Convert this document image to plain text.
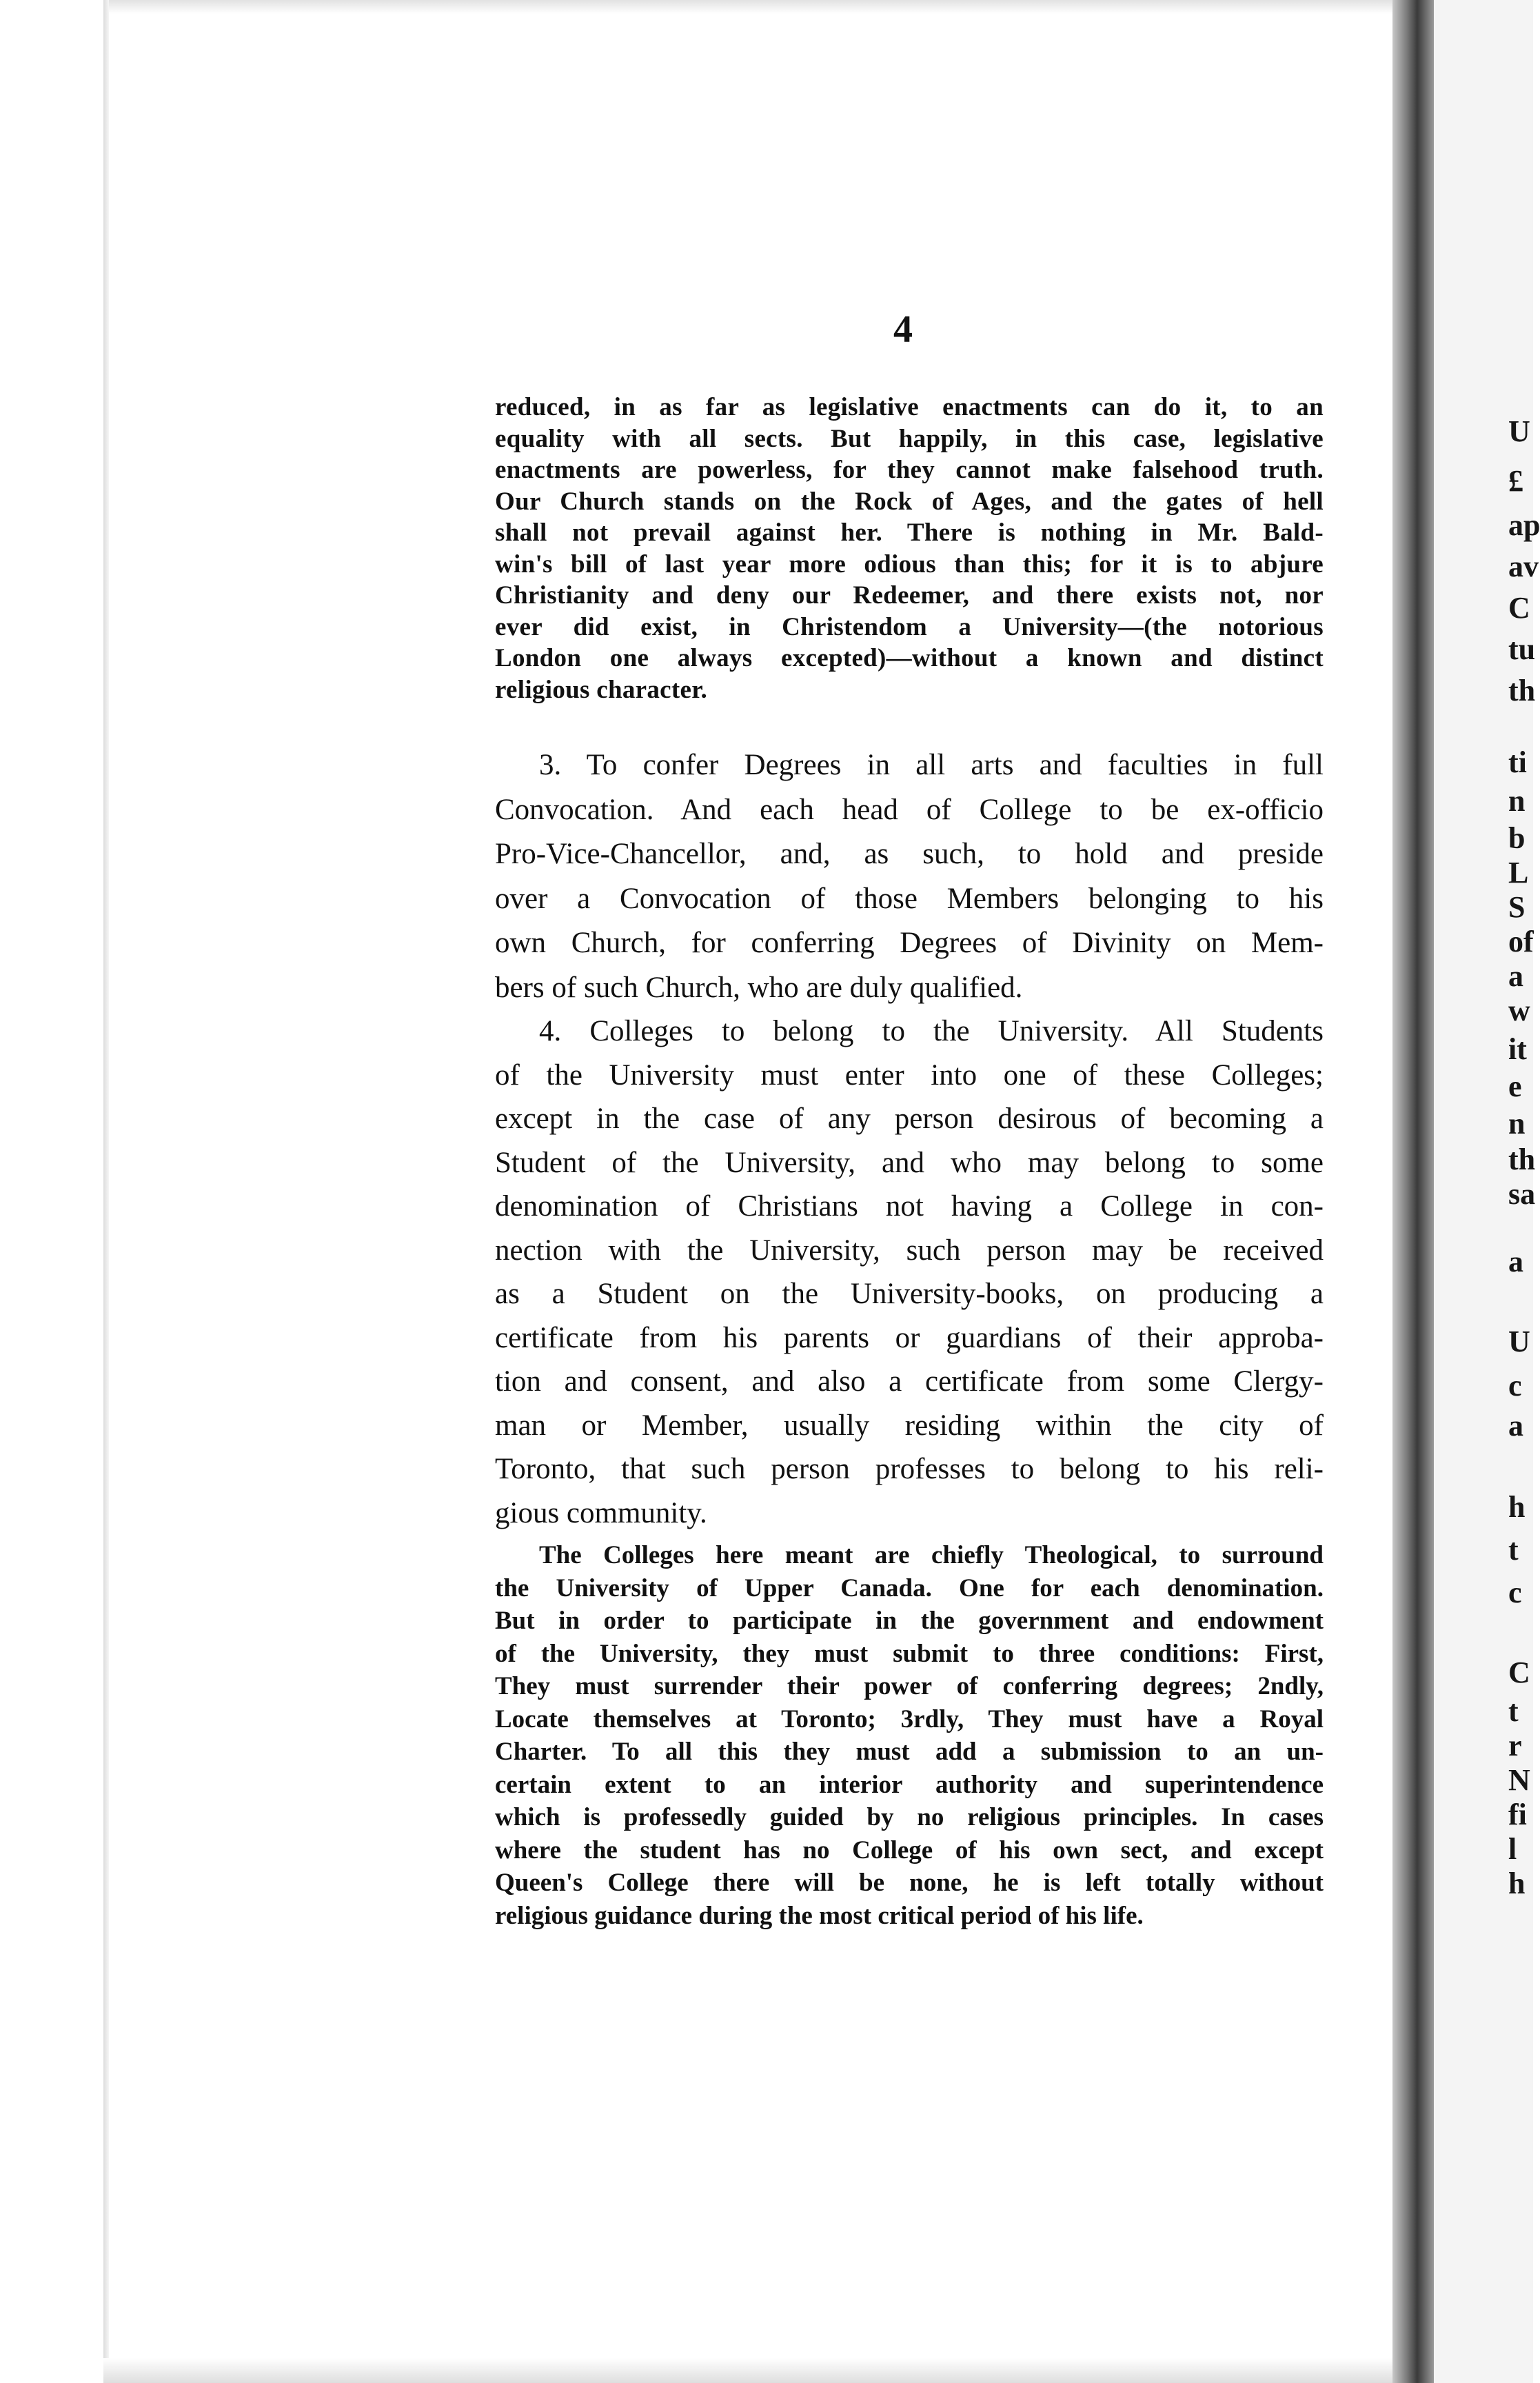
U
£
ap
av
C
tu
th
ti
n
b
L
S
of
a
w
it
e
n
th
sa
a
U
c
a
h
t
c
C
t
r
N
fi
l
h
4
reduced, in as far as legislative enactments can do it, to an
equality with all sects. But happily, in this case, legislative
enactments are powerless, for they cannot make falsehood truth.
Our Church stands on the Rock of Ages, and the gates of hell
shall not prevail against her. There is nothing in Mr. Bald-
win's bill of last year more odious than this; for it is to abjure
Christianity and deny our Redeemer, and there exists not, nor
ever did exist, in Christendom a University—(the notorious
London one always excepted)—without a known and distinct
religious character.
3. To confer Degrees in all arts and faculties in full
Convocation. And each head of College to be ex-officio
Pro-Vice-Chancellor, and, as such, to hold and preside
over a Convocation of those Members belonging to his
own Church, for conferring Degrees of Divinity on Mem-
bers of such Church, who are duly qualified.
4. Colleges to belong to the University. All Students
of the University must enter into one of these Colleges;
except in the case of any person desirous of becoming a
Student of the University, and who may belong to some
denomination of Christians not having a College in con-
nection with the University, such person may be received
as a Student on the University-books, on producing a
certificate from his parents or guardians of their approba-
tion and consent, and also a certificate from some Clergy-
man or Member, usually residing within the city of
Toronto, that such person professes to belong to his reli-
gious community.
The Colleges here meant are chiefly Theological, to surround
the University of Upper Canada. One for each denomination.
But in order to participate in the government and endowment
of the University, they must submit to three conditions: First,
They must surrender their power of conferring degrees; 2ndly,
Locate themselves at Toronto; 3rdly, They must have a Royal
Charter. To all this they must add a submission to an un-
certain extent to an interior authority and superintendence
which is professedly guided by no religious principles. In cases
where the student has no College of his own sect, and except
Queen's College there will be none, he is left totally without
religious guidance during the most critical period of his life.
